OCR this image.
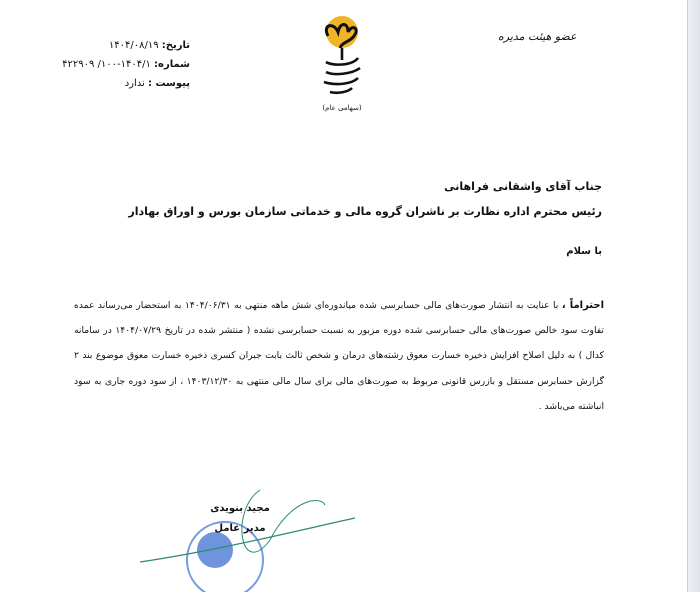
عضو هیئت مدیره
(سهامی عام)
تاریخ: ۱۴۰۴/۰۸/۱۹
شماره: ۱۴۰۴/۱-۱۰۰/ ۴۲۲۹۰۹
پیوست : ندارد
جناب آقای واشقانی فراهانی
رئیس محترم اداره نظارت بر ناشران گروه مالی و خدماتی سازمان بورس و اوراق بهادار
با سلام
احتراماً ، با عنایت به انتشار صورت‌های مالی حسابرسی شده میاندوره‌ای شش ماهه منتهی به ۱۴۰۴/۰۶/۳۱ به استحضار می‌رساند عمده تفاوت سود خالص صورت‌های مالی حسابرسی شده دوره مزبور به نسبت حسابرسی نشده ( منتشر شده در تاریخ ۱۴۰۴/۰۷/۲۹ در سامانه کدال ) به دلیل اصلاح افزایش ذخیره خسارت معوق رشته‌های درمان و شخص ثالث بابت جبران کسری ذخیره خسارت معوق موضوع بند ۲ گزارش حسابرس مستقل و بازرس قانونی مربوط به صورت‌های مالی برای سال مالی منتهی به ۱۴۰۳/۱۲/۳۰ ، از سود دوره جاری به سود انباشته می‌باشد .
مجید بنویدی
مدیر عامل
